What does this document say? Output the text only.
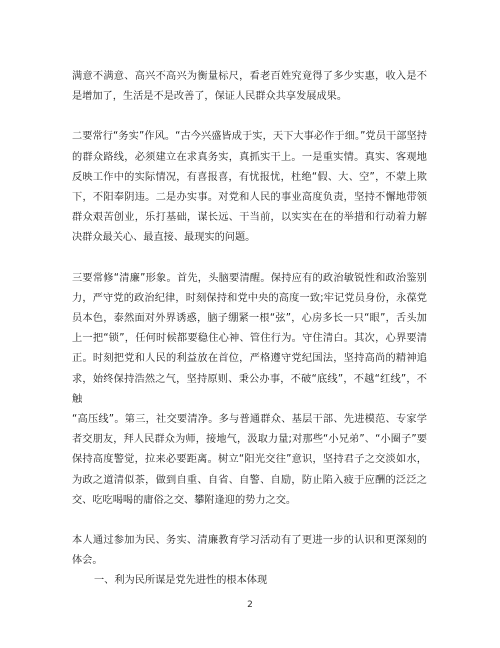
满意不满意、高兴不高兴为衡量标尺，看老百姓究竟得了多少实惠，收入是不是增加了，生活是不是改善了，保证人民群众共享发展成果。

二要常行“务实”作风。“古今兴盛皆成于实，天下大事必作于细。”党员干部坚持的群众路线，必须建立在求真务实，真抓实干上。一是重实情。真实、客观地反映工作中的实际情况，有喜报喜，有忧报忧，杜绝“假、大、空”，不蒙上欺下，不阳奉阴违。二是办实事。对党和人民的事业高度负责，坚持不懈地带领群众艰苦创业，乐打基础，谋长远、干当前，以实实在在的举措和行动着力解决群众最关心、最直接、最现实的问题。

三要常修“清廉”形象。首先，头脑要清醒。保持应有的政治敏锐性和政治鉴别力，严守党的政治纪律，时刻保持和党中央的高度一致;牢记党员身份，永葆党员本色，泰然面对外界诱惑，脑子绷紧一根“弦”，心房多长一只“眼”，舌头加上一把“锁”，任何时候都要稳住心神、管住行为。守住清白。其次，心界要清正。时刻把党和人民的利益放在首位，严格遵守党纪国法，坚持高尚的精神追求，始终保持浩然之气，坚持原则、秉公办事，不破“底线”，不越“红线”，不触

“高压线”。第三，社交要清净。多与普通群众、基层干部、先进模范、专家学者交朋友，拜人民群众为师，接地气，汲取力量;对那些“小兄弟”、“小圈子”要保持高度警觉，拉来必要距离。树立“阳光交往”意识，坚持君子之交淡如水，为政之道清似茶，做到自重、自省、自警、自励，防止陷入疲于应酬的泛泛之交、吃吃喝喝的庸俗之交、攀附逢迎的势力之交。

本人通过参加为民、务实、清廉教育学习活动有了更进一步的认识和更深刻的体会。

一、利为民所谋是党先进性的根本体现

2
